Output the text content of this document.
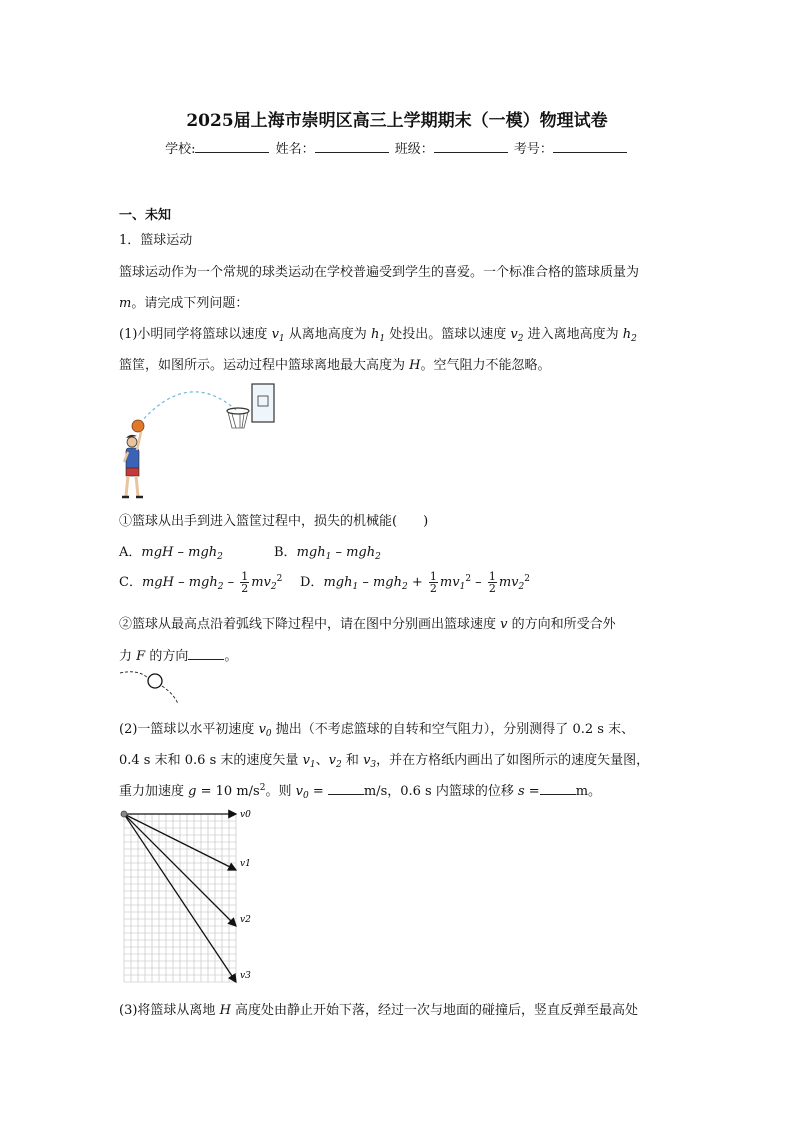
2025届上海市崇明区高三上学期期末（一模）物理试卷
学校:	姓名：	班级：	考号：
一、未知
1．篮球运动
篮球运动作为一个常规的球类运动在学校普遍受到学生的喜爱。一个标准合格的篮球质量为
m。请完成下列问题：
(1)小明同学将篮球以速度 $v_1$ 从离地高度为 $h_1$ 处投出。篮球以速度 $v_2$ 进入离地高度为 $h_2$
篮筐，如图所示。运动过程中篮球离地最大高度为 H。空气阻力不能忽略。
①篮球从出手到进入篮筐过程中，损失的机械能(　　)
A．mgH – mgh$_2$	B．mgh$_1$ – mgh$_2$
C．mgH – $mgh_2 - \frac{1}{2} mv_2^2$ D．$mgh_1 - mgh_2 + \frac{1}{2} mv_1^2 - \frac{1}{2} mv_2^2$
②篮球从最高点沿着弧线下降过程中，请在图中分别画出篮球速度 v 的方向和所受合外
力 F 的方向	。
(2)一篮球以水平初速度 $v_0$ 抛出（不考虑篮球的自转和空气阻力），分别测得了 0.2 s 末、
0.4 s 末和 0.6 s 末的速度矢量 $v_1$、$v_2$ 和 $v_3$，并在方格纸内画出了如图所示的速度矢量图，
重力加速度 g = 10 $m/s^2$。则 $v_0$ =	m/s，0.6 s 内篮球的位移 s =	m。
v0
v1
v2
v3
(3)将篮球从离地 H 高度处由静止开始下落，经过一次与地面的碰撞后，竖直反弹至最高处
